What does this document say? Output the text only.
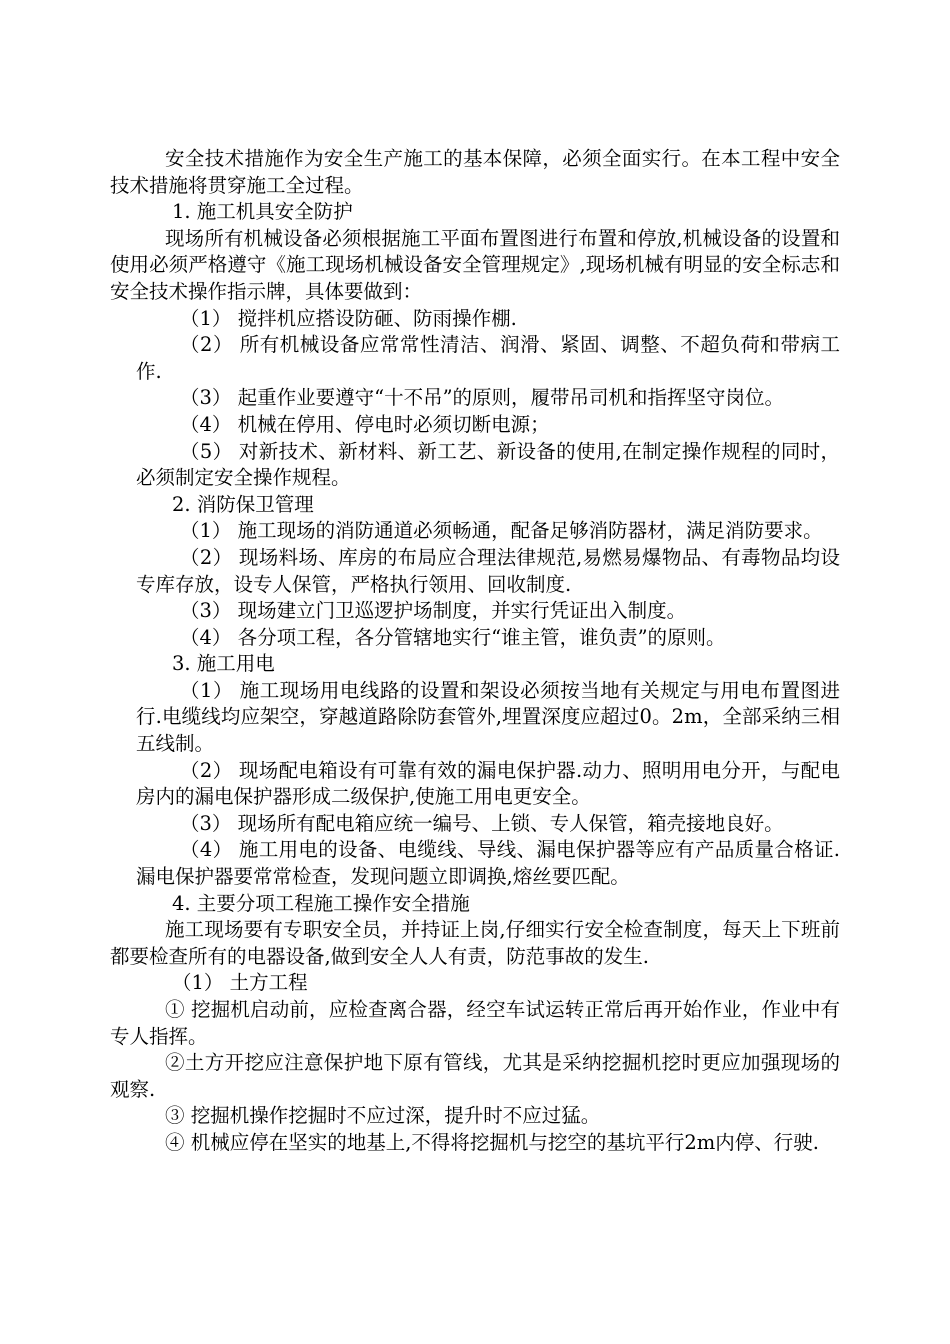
安全技术措施作为安全生产施工的基本保障，必须全面实行。在本工程中安全技术措施将贯穿施工全过程。

1. 施工机具安全防护

现场所有机械设备必须根据施工平面布置图进行布置和停放,机械设备的设置和使用必须严格遵守《施工现场机械设备安全管理规定》,现场机械有明显的安全标志和安全技术操作指示牌，具体要做到：

（1） 搅拌机应搭设防砸、防雨操作棚.

（2） 所有机械设备应常常性清洁、润滑、紧固、调整、不超负荷和带病工作.

（3） 起重作业要遵守“十不吊”的原则，履带吊司机和指挥坚守岗位。

（4） 机械在停用、停电时必须切断电源；

（5） 对新技术、新材料、新工艺、新设备的使用,在制定操作规程的同时，必须制定安全操作规程。

2. 消防保卫管理

（1） 施工现场的消防通道必须畅通，配备足够消防器材，满足消防要求。

（2） 现场料场、库房的布局应合理法律规范,易燃易爆物品、有毒物品均设专库存放，设专人保管，严格执行领用、回收制度.

（3） 现场建立门卫巡逻护场制度，并实行凭证出入制度。

（4） 各分项工程，各分管辖地实行“谁主管，谁负责”的原则。

3. 施工用电

（1） 施工现场用电线路的设置和架设必须按当地有关规定与用电布置图进行.电缆线均应架空，穿越道路除防套管外,埋置深度应超过0。2m，全部采纳三相五线制。

（2） 现场配电箱设有可靠有效的漏电保护器.动力、照明用电分开，与配电房内的漏电保护器形成二级保护,使施工用电更安全。

（3） 现场所有配电箱应统一编号、上锁、专人保管，箱壳接地良好。

（4） 施工用电的设备、电缆线、导线、漏电保护器等应有产品质量合格证.漏电保护器要常常检查，发现问题立即调换,熔丝要匹配。

4. 主要分项工程施工操作安全措施

施工现场要有专职安全员，并持证上岗,仔细实行安全检查制度，每天上下班前都要检查所有的电器设备,做到安全人人有责，防范事故的发生.

（1） 土方工程

① 挖掘机启动前，应检查离合器，经空车试运转正常后再开始作业，作业中有专人指挥。

②土方开挖应注意保护地下原有管线，尤其是采纳挖掘机挖时更应加强现场的观察.

③ 挖掘机操作挖掘时不应过深，提升时不应过猛。

④ 机械应停在坚实的地基上,不得将挖掘机与挖空的基坑平行2m内停、行驶.
